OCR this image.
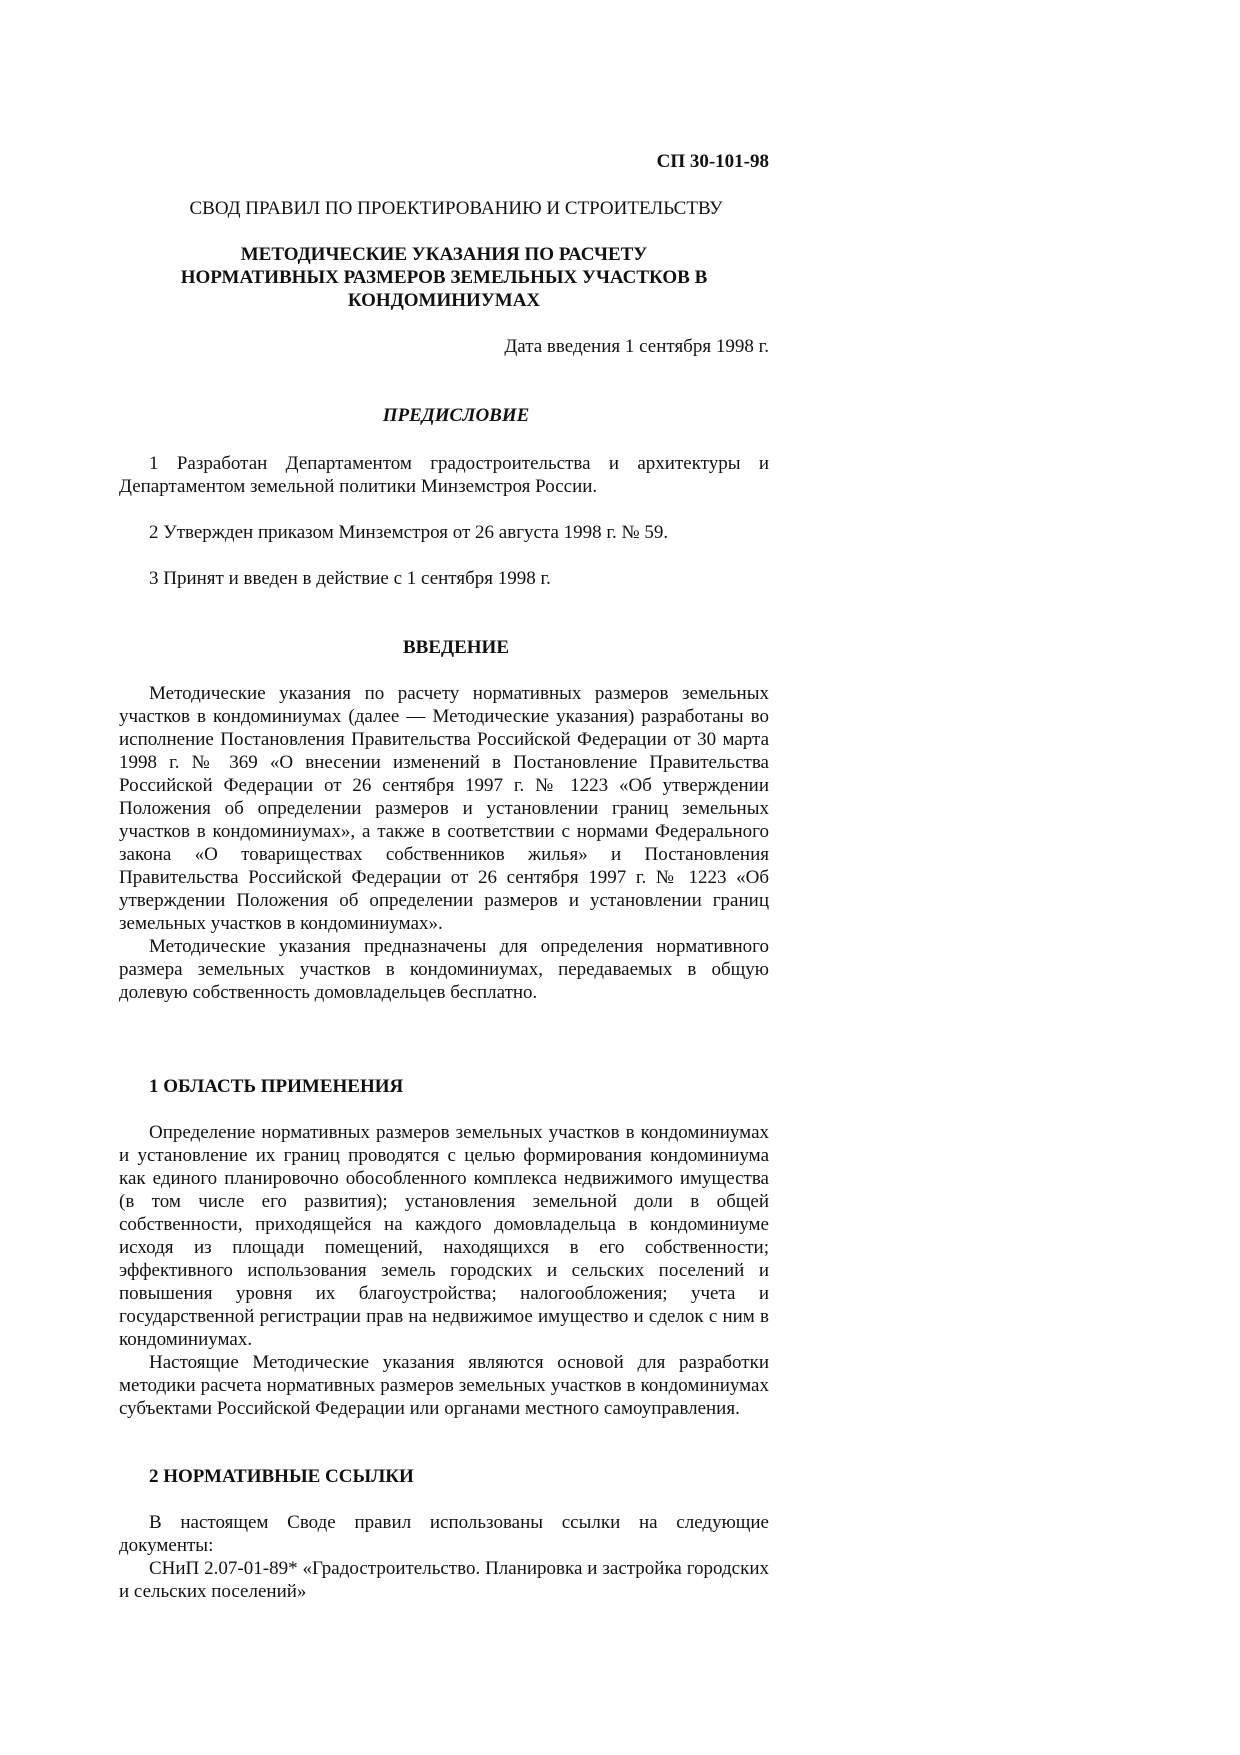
СП 30-101-98
СВОД ПРАВИЛ ПО ПРОЕКТИРОВАНИЮ И СТРОИТЕЛЬСТВУ
МЕТОДИЧЕСКИЕ УКАЗАНИЯ ПО РАСЧЕТУ
НОРМАТИВНЫХ РАЗМЕРОВ ЗЕМЕЛЬНЫХ УЧАСТКОВ В
КОНДОМИНИУМАХ
Дата введения 1 сентября 1998 г.
ПРЕДИСЛОВИЕ

1 Разработан Департаментом градостроительства и архитектуры и Департаментом земельной политики Минземстроя России.

2 Утвержден приказом Минземстроя от 26 августа 1998 г. № 59.

3 Принят и введен в действие с 1 сентября 1998 г.

ВВЕДЕНИЕ

Методические указания по расчету нормативных размеров земельных участков в кондоминиумах (далее — Методические указания) разработаны во исполнение Постановления Правительства Российской Федерации от 30 марта 1998 г. № 369 «О внесении изменений в Постановление Правительства Российской Федерации от 26 сентября 1997 г. № 1223 «Об утверждении Положения об определении размеров и установлении границ земельных участков в кондоминиумах», а также в соответствии с нормами Федерального закона «О товариществах собственников жилья» и Постановления Правительства Российской Федерации от 26 сентября 1997 г. № 1223 «Об утверждении Положения об определении размеров и установлении границ земельных участков в кондоминиумах».

Методические указания предназначены для определения нормативного размера земельных участков в кондоминиумах, передаваемых в общую долевую собственность домовладельцев бесплатно.

1 ОБЛАСТЬ ПРИМЕНЕНИЯ

Определение нормативных размеров земельных участков в кондоминиумах и установление их границ проводятся с целью формирования кондоминиума как единого планировочно обособленного комплекса недвижимого имущества (в том числе его развития); установления земельной доли в общей собственности, приходящейся на каждого домовладельца в кондоминиуме исходя из площади помещений, находящихся в его собственности; эффективного использования земель городских и сельских поселений и повышения уровня их благоустройства; налогообложения; учета и государственной регистрации прав на недвижимое имущество и сделок с ним в кондоминиумах.

Настоящие Методические указания являются основой для разработки методики расчета нормативных размеров земельных участков в кондоминиумах субъектами Российской Федерации или органами местного самоуправления.

2 НОРМАТИВНЫЕ ССЫЛКИ

В настоящем Своде правил использованы ссылки на следующие документы:

СНиП 2.07-01-89* «Градостроительство. Планировка и застройка городских и сельских поселений»
